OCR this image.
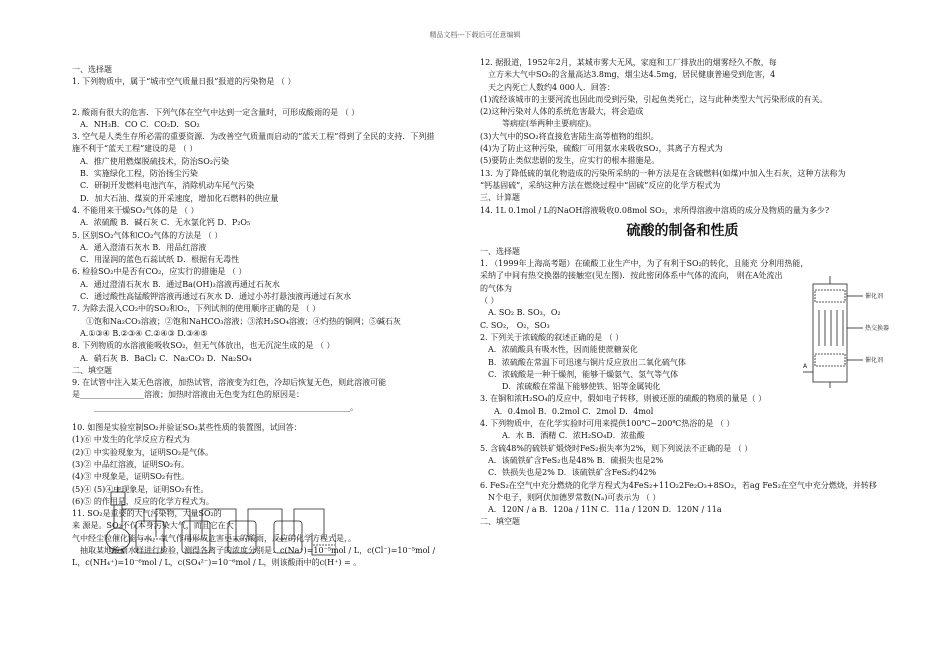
精品文档---下载后可任意编辑
一、选择题
1. 下列物质中，属于“城市空气质量日报”报道的污染物是 （ ）
2. 酸雨有很大的危害．下列气体在空气中达到一定含量时，可形成酸雨的是 （ ）
A．NH₃B．CO C．CO₂D．SO₂
3. 空气是人类生存所必需的重要资源．为改善空气质量而启动的“蓝天工程”得到了全民的支持．下列措
施不利于“蓝天工程”建设的是 （ ）
A．推广使用燃煤脱硫技术，防治SO₂污染
B．实施绿化工程，防治扬尘污染
C．研制开发燃料电池汽车，消除机动车尾气污染
D．加大石油、煤炭的开采速度，增加化石燃料的供应量
4. 不能用来干燥SO₂气体的是 （ ）
A．浓硫酸 B．碱石灰 C．无水氯化钙 D．P₂O₅
5. 区别SO₂气体和CO₂气体的方法是 （ ）
A．通入澄清石灰水 B．用品红溶液
C．用湿润的蓝色石蕊试纸 D．根据有无毒性
6. 检验SO₂中是否有CO₂，应实行的措施是 （ ）
A．通过澄清石灰水 B．通过Ba(OH)₂溶液再通过石灰水
C．通过酸性高锰酸钾溶液再通过石灰水 D．通过小苏打悬浊液再通过石灰水
7. 为除去混入CO₂中的SO₂和O₂，下列试剂的使用顺序正确的是 （ ）
①饱和Na₂CO₃溶液；②饱和NaHCO₃溶液；③浓H₂SO₄溶液；④灼热的铜网；⑤碱石灰
A.①③④ B.②③④ C.②④③ D.③④⑤
8. 下列物质的水溶液能吸收SO₂，但无气体放出，也无沉淀生成的是 （ ）
A．硝石灰 B．BaCl₂ C．Na₂CO₃ D．Na₂SO₄
二、填空题
9. 在试管中注入某无色溶液，加热试管，溶液变为红色，冷却后恢复无色，则此溶液可能
是________________溶液；加热时溶液由无色变为红色的原因是：
________________________________________________________________。
10. 如图是实验室制SO₂并验证SO₂某些性质的装置图，试回答：
(1)⑥ 中发生的化学反应方程式为
(2)① 中实验现象为，证明SO₂是气体。
(3)② 中品红溶液，证明SO₂有。
(4)③ 中现象是，证明SO₂有性。
(5)④ (5)④中现象是，证明SO₂有性。
(6)⑤ 的作用是，反应的化学方程式为。
11. SO₂是重要的大气污染物，大量SO₂的
来 源是。SO₂不仅本身污染大气，而且它在大
气中经尘粒催化能与水、氧气作用形成危害更大的酸雨，反应的化学方程式是，。
抽取某地酸雨水样进行检验，测得各离子的浓度分别是：c(Na⁺)=10⁻⁵mol / L，c(Cl⁻)=10⁻⁵mol /
L，c(NH₄⁺)=10⁻⁶mol / L，c(SO₄²⁻)=10⁻⁶mol / L，则该酸雨中的c(H⁺) = 。
12. 据报道，1952年2月，某城市雾大无风，家庭和工厂排放出的烟雾经久不散，每
立方米大气中SO₂的含量高达3.8mg，烟尘达4.5mg，居民健康普遍受到危害，4
天之内死亡人数约4 000人．回答：
(1)流经该城市的主要河流也因此而受到污染，引起鱼类死亡，这与此种类型大气污染形成的有关。
(2)这种污染对人体的系统危害最大，将会造成
等病症(举两种主要病症)。
(3)大气中的SO₂将直接危害陆生高等植物的组织。
(4)为了防止这种污染，硫酸厂可用氨水来吸收SO₂，其离子方程式为
(5)要防止类似悲剧的发生，应实行的根本措施是。
13. 为了降低硫的氧化物造成的污染所采纳的一种方法是在含硫燃料(如煤)中加入生石灰，这种方法称为
“钙基固硫”，采纳这种方法在燃烧过程中“固硫”反应的化学方程式为
三、计算题
14. 1L 0.1mol / L的NaOH溶液吸收0.08mol SO₂，求所得溶液中溶质的成分及物质的量为多少?
硫酸的制备和性质
一、选择题
1. （1999年上海高考题）在硫酸工业生产中，为了有利于SO₂的转化，且能充 分利用热能，
采纳了中间有热交换器的接触室(见左图)．按此密闭体系中气体的流向， 则在A处流出
的气体为
（ ）
A. SO₂ B. SO₃，O₂
C. SO₂， O₂，SO₃
2. 下列关于浓硫酸的叙述正确的是 （ ）
A．浓硫酸具有吸水性，因而能使蔗糖炭化
B．浓硫酸在常温下可迅速与铜片反应放出二氧化硫气体
C．浓硫酸是一种干燥剂，能够干燥氨气、氢气等气体
D．浓硫酸在常温下能够使铁、铝等金属钝化
3. 在铜和浓H₂SO₄的反应中，假如电子转移，则被还原的硫酸的物质的量是（ ）
A．0.4mol B．0.2mol C．2mol D．4mol
4. 下列物质中，在化学实验时可用来提供100℃~200℃热浴的是 （ ）
A．水 B．酒精 C．浓H₂SO₄D．浓盐酸
5. 含硫48%的硫铁矿煅烧时FeS₂损失率为2%，则下列说法不正确的是 （ ）
A．该硫铁矿含FeS₂也是48% B．硫损失也是2%
C．铁损失也是2% D．该硫铁矿含FeS₂约42%
6. FeS₂在空气中充分燃烧的化学方程式为4FeS₂+11O₂2Fe₂O₃+8SO₂，若ag FeS₂在空气中充分燃烧，并转移
N个电子，则阿伏加德罗常数(Nₐ)可表示为 （ ）
A．120N / a B．120a / 11N C．11a / 120N D．120N / 11a
二、填空题
催化剂
热交换器
催化剂
A
